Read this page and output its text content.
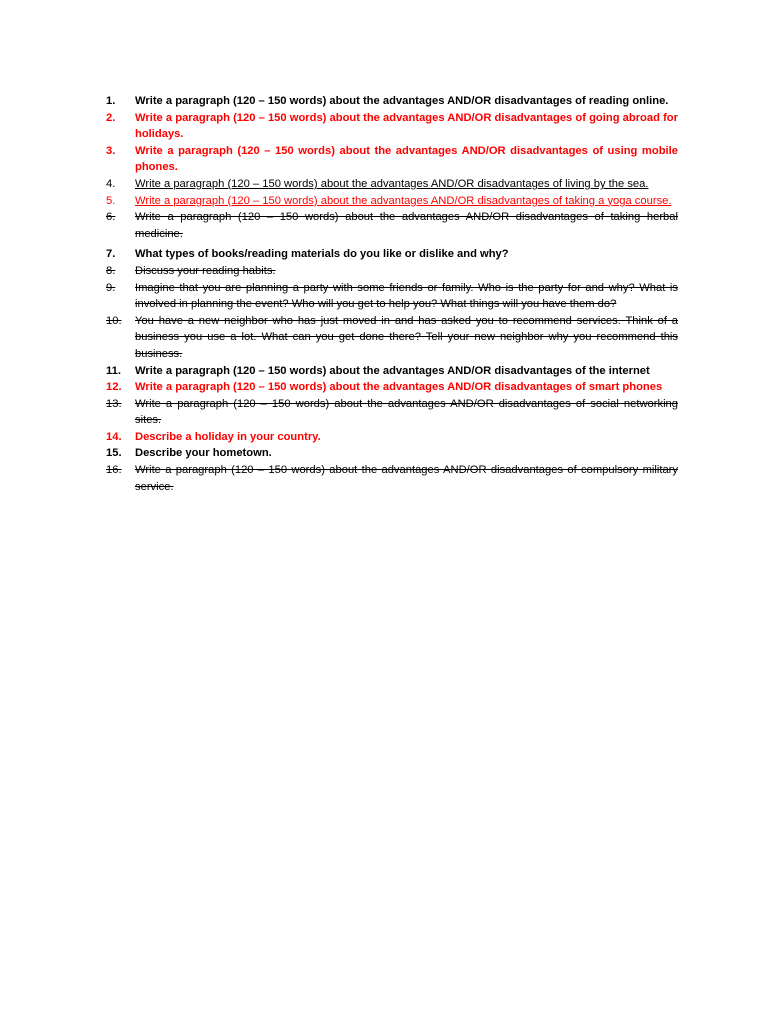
1.	Write a paragraph (120 – 150 words) about the advantages AND/OR disadvantages of reading online.
2.	Write a paragraph (120 – 150 words) about the advantages AND/OR disadvantages of going abroad for holidays.
3.	Write a paragraph (120 – 150 words) about the advantages AND/OR disadvantages of using mobile phones.
4.	Write a paragraph (120 – 150 words) about the advantages AND/OR disadvantages of living by the sea.
5.	Write a paragraph (120 – 150 words) about the advantages AND/OR disadvantages of taking a yoga course.
6.	Write a paragraph (120 – 150 words) about the advantages AND/OR disadvantages of taking herbal medicine.
7.	What types of books/reading materials do you like or dislike and why?
8.	Discuss your reading habits.
9.	Imagine that you are planning a party with some friends or family. Who is the party for and why? What is involved in planning the event? Who will you get to help you? What things will you have them do?
10.	You have a new neighbor who has just moved in and has asked you to recommend services. Think of a business you use a lot. What can you get done there? Tell your new neighbor why you recommend this business.
11.	Write a paragraph (120 – 150 words) about the advantages AND/OR disadvantages of the internet
12.	Write a paragraph (120 – 150 words) about the advantages AND/OR disadvantages of smart phones
13.	Write a paragraph (120 – 150 words) about the advantages AND/OR disadvantages of social networking sites.
14.	Describe a holiday in your country.
15.	Describe your hometown.
16.	Write a paragraph (120 – 150 words) about the advantages AND/OR disadvantages of compulsory military service.
